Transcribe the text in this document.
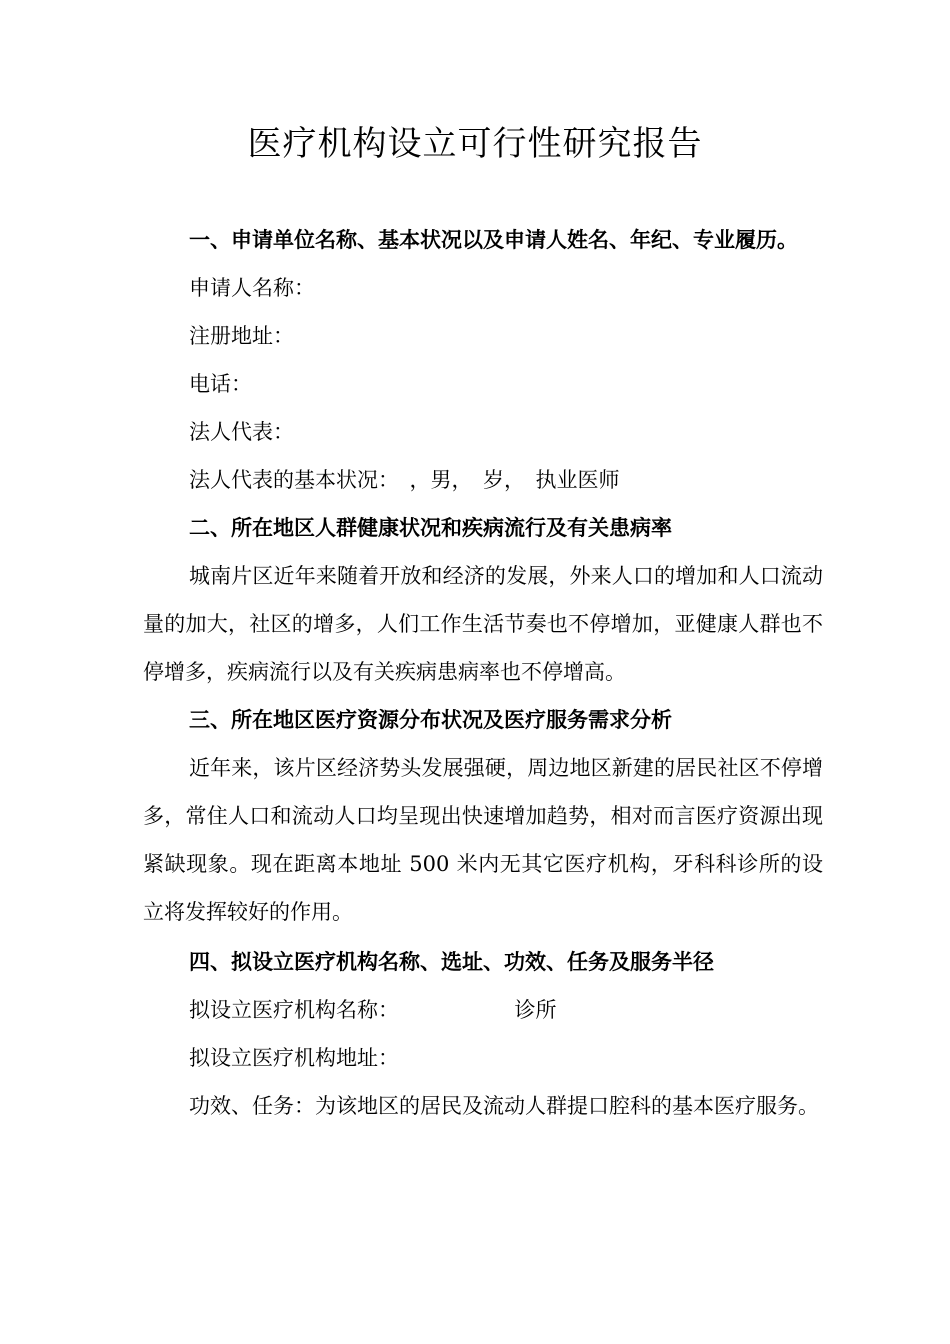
医疗机构设立可行性研究报告

一、申请单位名称、基本状况以及申请人姓名、年纪、专业履历。

申请人名称：

注册地址：

电话：

法人代表：

法人代表的基本状况：　，男，　岁，　执业医师

二、所在地区人群健康状况和疾病流行及有关患病率

城南片区近年来随着开放和经济的发展，外来人口的增加和人口流动量的加大，社区的增多，人们工作生活节奏也不停增加，亚健康人群也不停增多，疾病流行以及有关疾病患病率也不停增高。

三、所在地区医疗资源分布状况及医疗服务需求分析

近年来，该片区经济势头发展强硬，周边地区新建的居民社区不停增多，常住人口和流动人口均呈现出快速增加趋势，相对而言医疗资源出现紧缺现象。现在距离本地址 500 米内无其它医疗机构，牙科科诊所的设立将发挥较好的作用。

四、拟设立医疗机构名称、选址、功效、任务及服务半径

拟设立医疗机构名称：　　　　　　诊所

拟设立医疗机构地址：

功效、任务：为该地区的居民及流动人群提口腔科的基本医疗服务。
